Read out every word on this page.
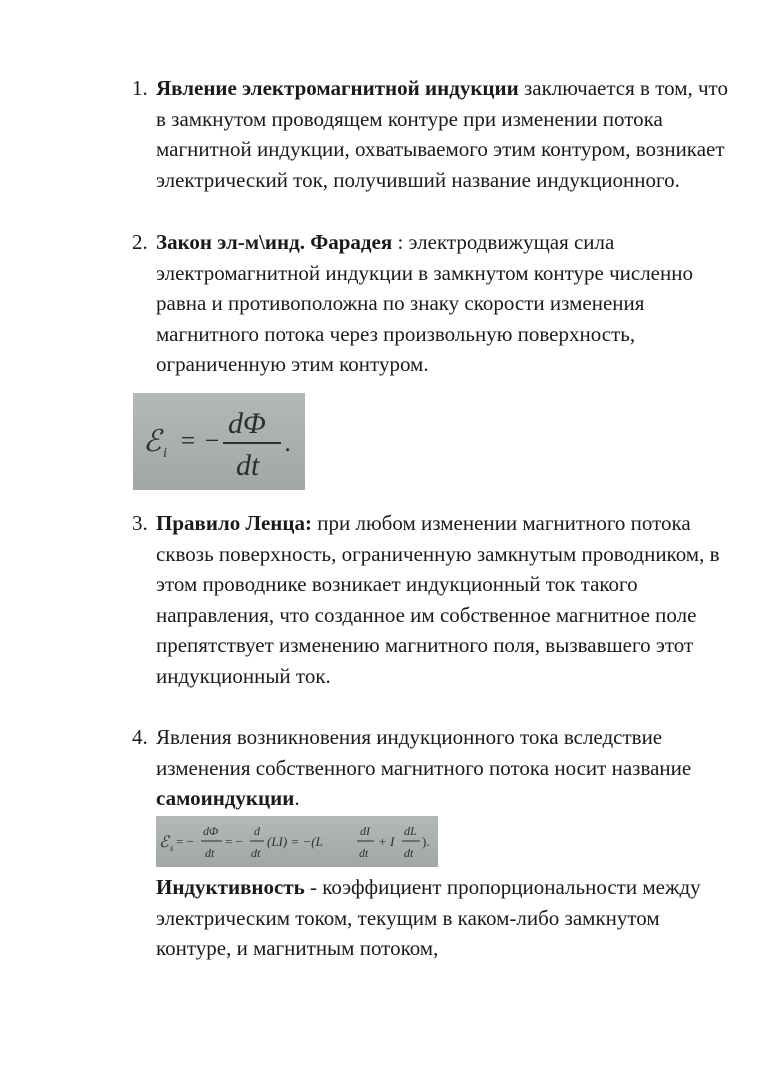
1. Явление электромагнитной индукции заключается в том, что в замкнутом проводящем контуре при изменении потока магнитной индукции, охватываемого этим контуром, возникает электрический ток, получивший название индукционного.
2. Закон эл-м\инд. Фарадея : электродвижущая сила электромагнитной индукции в замкнутом контуре численно равна и противоположна по знаку скорости изменения магнитного потока через произвольную поверхность, ограниченную этим контуром.
ℰ i = −
dΦ
dt
.
3. Правило Ленца: при любом изменении магнитного потока сквозь поверхность, ограниченную замкнутым проводником, в этом проводнике возникает индукционный ток такого направления, что созданное им собственное магнитное поле препятствует изменению магнитного поля, вызвавшего этот индукционный ток.
4. Явления возникновения индукционного тока вследствие изменения собственного магнитного потока носит название самоиндукции.
ℰ s = −
dΦ
dt
= −
d
dt
(LI) = −(L
dI
dt
+ I
dL
dt
).
Индуктивность - коэффициент пропорциональности между электрическим током, текущим в каком-либо замкнутом контуре, и магнитным потоком,
